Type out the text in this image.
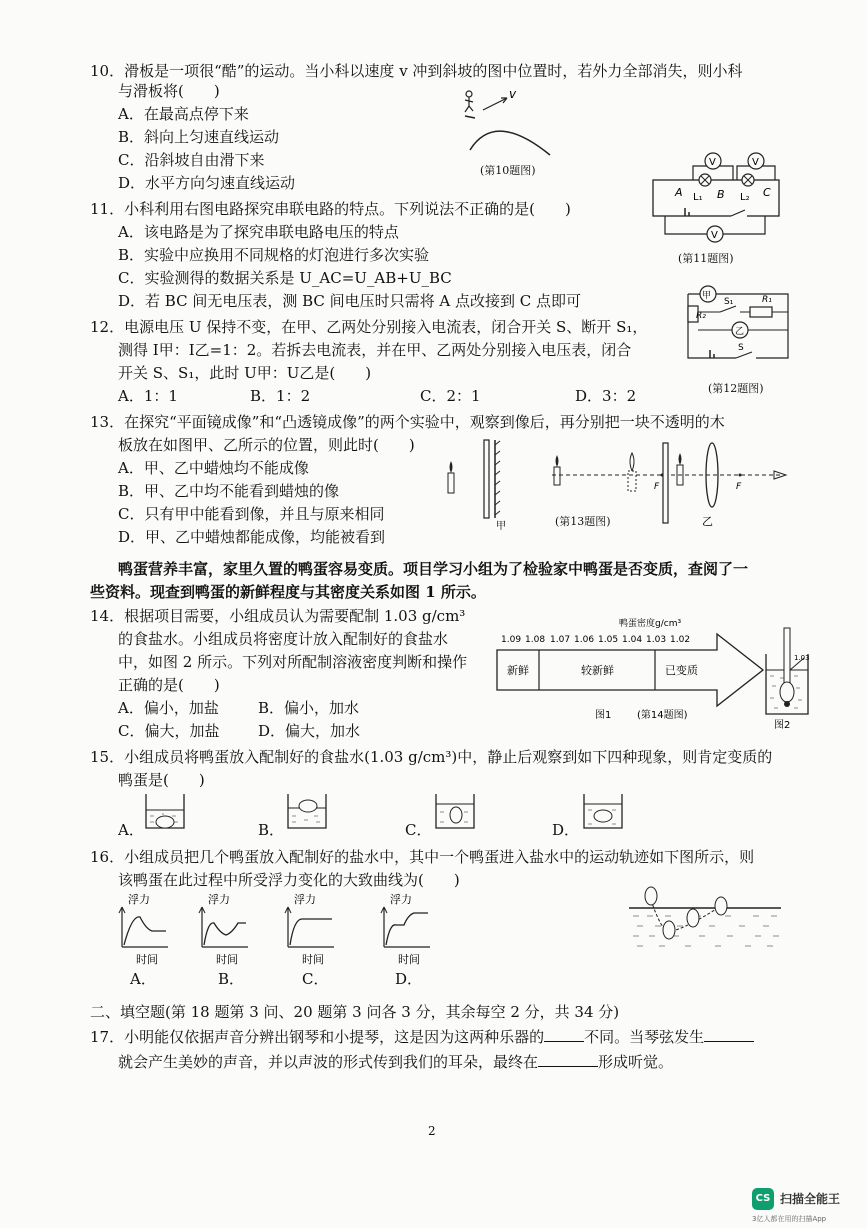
10．滑板是一项很“酷”的运动。当小科以速度 v 冲到斜坡的图中位置时，若外力全部消失，则小科
与滑板将(　　)
A．在最高点停下来
B．斜向上匀速直线运动
C．沿斜坡自由滑下来
D．水平方向匀速直线运动
v
(第10题图)
V	V
A	B	C
L₁	L₂
V
(第11题图)
11．小科利用右图电路探究串联电路的特点。下列说法不正确的是(　　)
A．该电路是为了探究串联电路电压的特点
B．实验中应换用不同规格的灯泡进行多次实验
C．实验测得的数据关系是 U_AC=U_AB+U_BC
D．若 BC 间无电压表，测 BC 间电压时只需将 A 点改接到 C 点即可	甲
R₂
S₁	R₁
乙
S
(第12题图)
12．电源电压 U 保持不变，在甲、乙两处分别接入电流表，闭合开关 S、断开 S₁，
测得 I甲：I乙=1：2。若拆去电流表，并在甲、乙两处分别接入电压表，闭合
开关 S、S₁，此时 U甲：U乙是(　　)
A．1：1	B．1：2	C．2：1	D．3：2
13．在探究“平面镜成像”和“凸透镜成像”的两个实验中，观察到像后，再分别把一块不透明的木
板放在如图甲、乙所示的位置，则此时(　　)
A．甲、乙中蜡烛均不能成像
B．甲、乙中均不能看到蜡烛的像
C．只有甲中能看到像，并且与原来相同
D．甲、乙中蜡烛都能成像，均能被看到
甲
F	F
乙
(第13题图)
鸭蛋营养丰富，家里久置的鸭蛋容易变质。项目学习小组为了检验家中鸭蛋是否变质，查阅了一
些资料。现查到鸭蛋的新鲜程度与其密度关系如图 1 所示。
14．根据项目需要，小组成员认为需要配制 1.03 g/cm³
的食盐水。小组成员将密度计放入配制好的食盐水
中，如图 2 所示。下列对所配制溶液密度判断和操作
正确的是(　　)
A．偏小，加盐	B．偏小，加水
C．偏大，加盐	D．偏大，加水
鸭蛋密度g/cm³
1.09 1.08 1.07 1.06 1.05 1.04 1.03 1.02
新鲜	较新鲜	已变质
图1	(第14题图)
1.03
图2
15．小组成员将鸭蛋放入配制好的食盐水(1.03 g/cm³)中，静止后观察到如下四种现象，则肯定变质的
鸭蛋是(　　)
A．	B．	C．	D．
16．小组成员把几个鸭蛋放入配制好的盐水中，其中一个鸭蛋进入盐水中的运动轨迹如下图所示，则
该鸭蛋在此过程中所受浮力变化的大致曲线为(　　)
浮力
时间
浮力
时间
浮力
时间
浮力
时间
A．	B．	C．	D．
二、填空题(第 18 题第 3 问、20 题第 3 问各 3 分，其余每空 2 分，共 34 分)
17．小明能仅依据声音分辨出钢琴和小提琴，这是因为这两种乐器的	不同。当琴弦发生
就会产生美妙的声音，并以声波的形式传到我们的耳朵，最终在	形成听觉。
2
CS 扫描全能王
3亿人都在用的扫描App
